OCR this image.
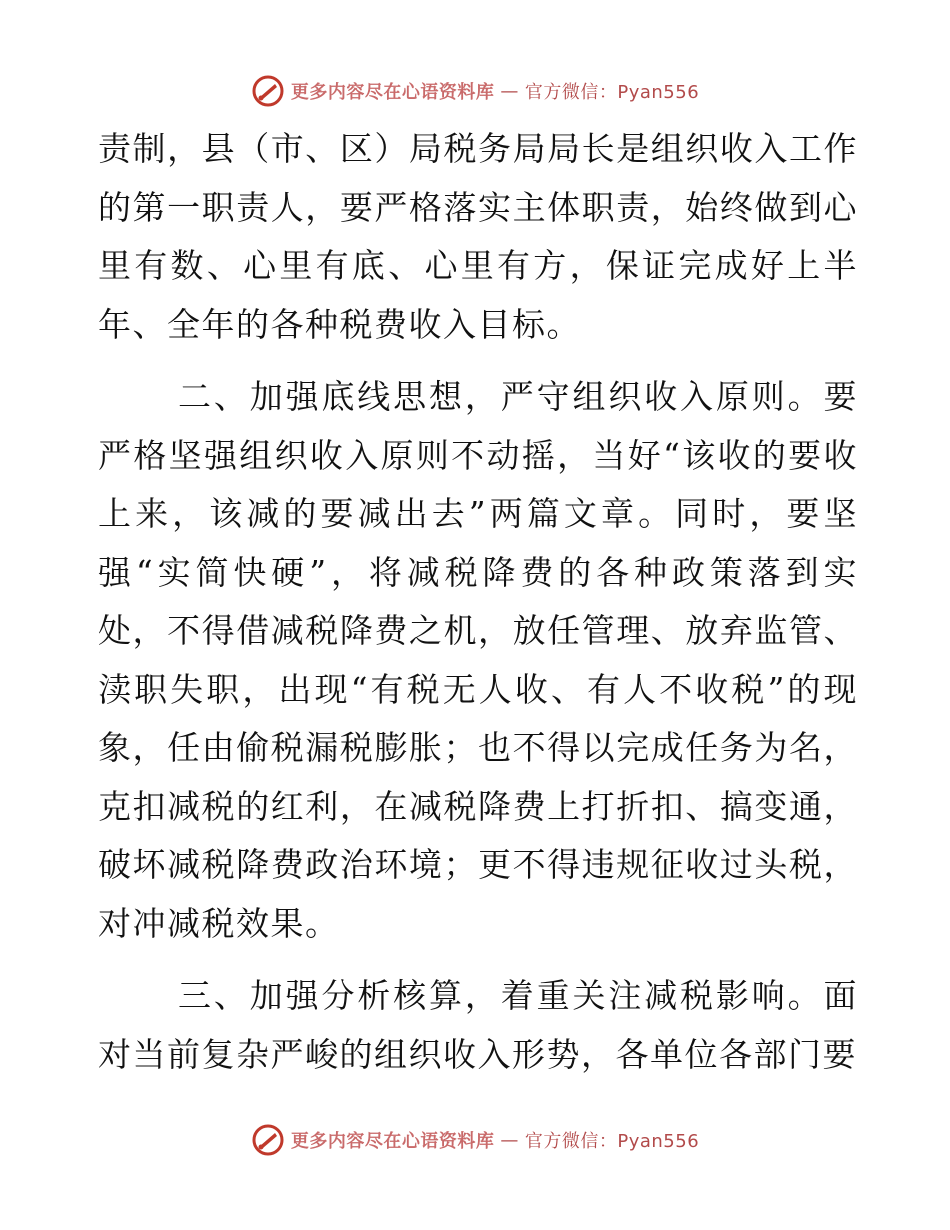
更多内容尽在心语资料库 — 官方微信：Pyan556

责制，县（市、区）局税务局局长是组织收入工作的第一职责人，要严格落实主体职责，始终做到心里有数、心里有底、心里有方，保证完成好上半年、全年的各种税费收入目标。

二、加强底线思想，严守组织收入原则。要严格坚强组织收入原则不动摇，当好“该收的要收上来，该减的要减出去”两篇文章。同时，要坚强“实简快硬”，将减税降费的各种政策落到实处，不得借减税降费之机，放任管理、放弃监管、渎职失职，出现“有税无人收、有人不收税”的现象，任由偷税漏税膨胀；也不得以完成任务为名，克扣减税的红利，在减税降费上打折扣、搞变通，破坏减税降费政治环境；更不得违规征收过头税，对冲减税效果。

三、加强分析核算，着重关注减税影响。面对当前复杂严峻的组织收入形势，各单位各部门要

更多内容尽在心语资料库 — 官方微信：Pyan556
